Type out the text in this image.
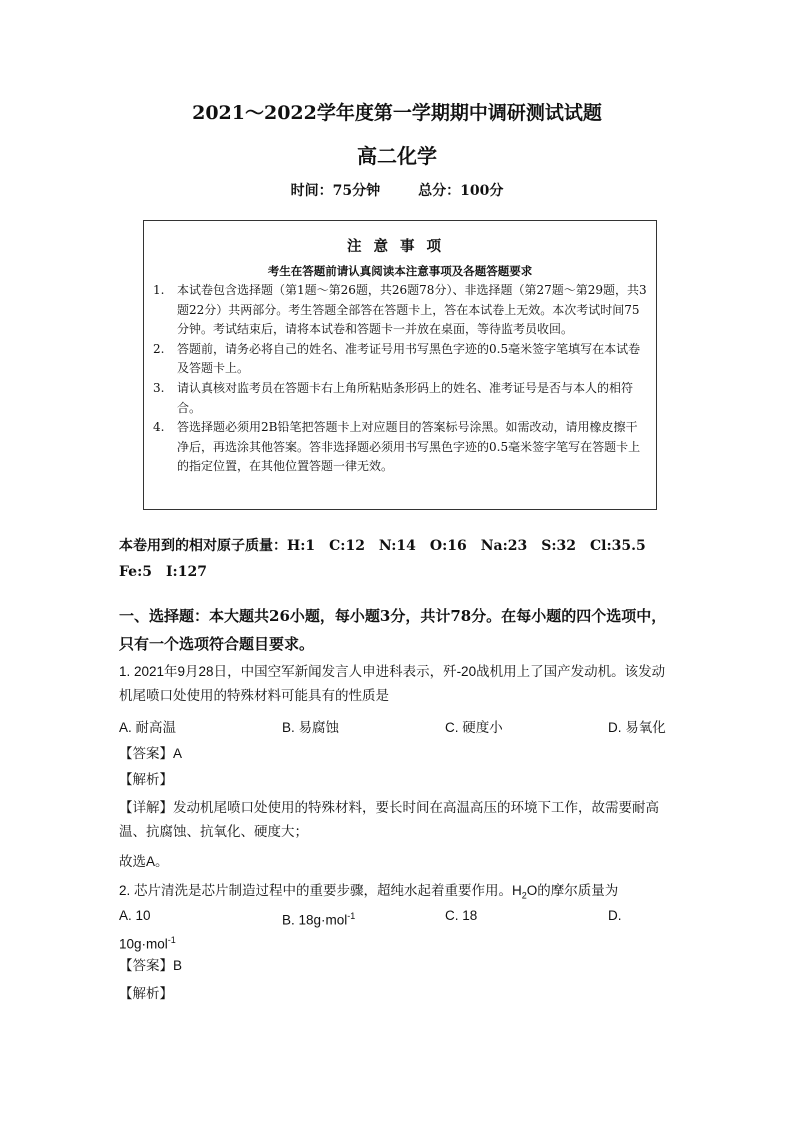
2021～2022学年度第一学期期中调研测试试题
高二化学
时间：75分钟	总分：100分
注意事项
考生在答题前请认真阅读本注意事项及各题答题要求
1. 本试卷包含选择题（第1题～第26题，共26题78分）、非选择题（第27题～第29题，共3题22分）共两部分。考生答题全部答在答题卡上，答在本试卷上无效。本次考试时间75分钟。考试结束后，请将本试卷和答题卡一并放在桌面，等待监考员收回。
2. 答题前，请务必将自己的姓名、准考证号用书写黑色字迹的0.5毫米签字笔填写在本试卷及答题卡上。
3. 请认真核对监考员在答题卡右上角所粘贴条形码上的姓名、准考证号是否与本人的相符合。
4. 答选择题必须用2B铅笔把答题卡上对应题目的答案标号涂黑。如需改动，请用橡皮擦干净后，再选涂其他答案。答非选择题必须用书写黑色字迹的0.5毫米签字笔写在答题卡上的指定位置，在其他位置答题一律无效。
本卷用到的相对原子质量：H:1　C:12　N:14　O:16　Na:23　S:32　Cl:35.5　Fe:5　I:127
一、选择题：本大题共26小题，每小题3分，共计78分。在每小题的四个选项中，只有一个选项符合题目要求。
1. 2021年9月28日，中国空军新闻发言人申进科表示，歼-20战机用上了国产发动机。该发动机尾喷口处使用的特殊材料可能具有的性质是
A. 耐高温	B. 易腐蚀	C. 硬度小	D. 易氧化
【答案】A
【解析】
【详解】发动机尾喷口处使用的特殊材料，要长时间在高温高压的环境下工作，故需要耐高温、抗腐蚀、抗氧化、硬度大；
故选A。
2. 芯片清洗是芯片制造过程中的重要步骤，超纯水起着重要作用。$H_2O$的摩尔质量为
A. 10	B. 18g·mol$^{-1}$	C. 18	D.
10g·mol$^{-1}$
【答案】B
【解析】
